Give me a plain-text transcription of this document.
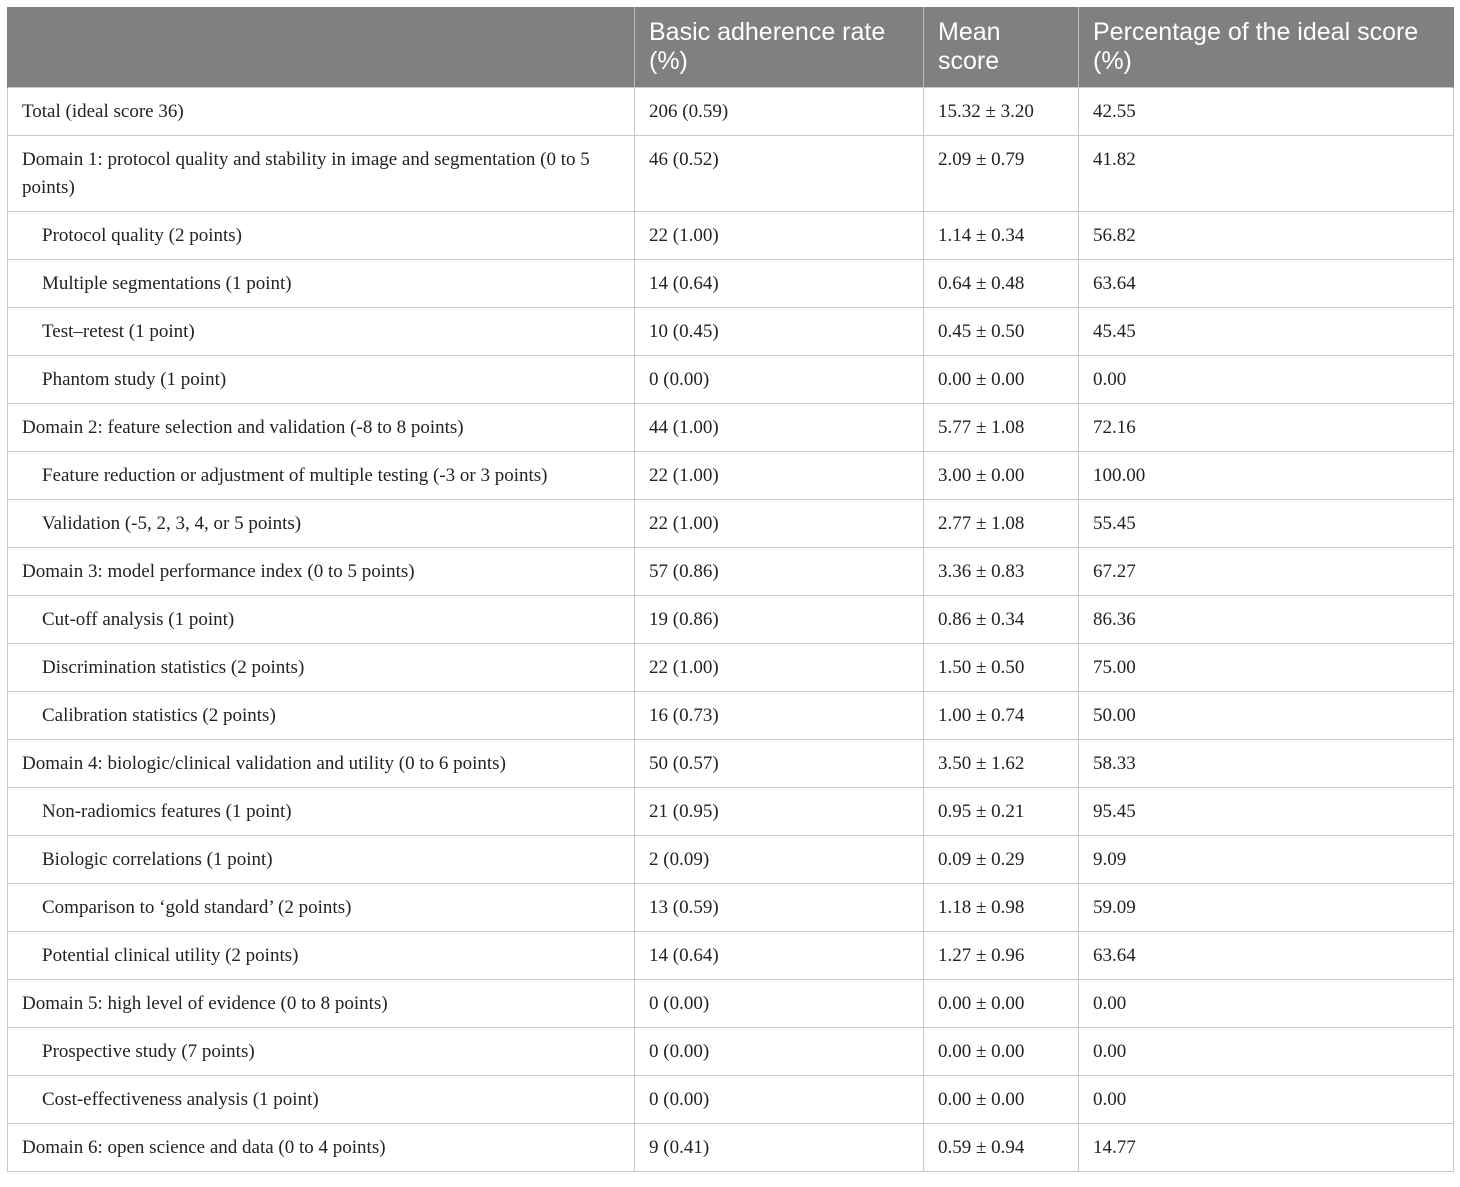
	Basic adherence rate (%)	Mean score	Percentage of the ideal score (%)
Total (ideal score 36)	206 (0.59)	15.32 ± 3.20	42.55
Domain 1: protocol quality and stability in image and segmentation (0 to 5 points)	46 (0.52)	2.09 ± 0.79	41.82
Protocol quality (2 points)	22 (1.00)	1.14 ± 0.34	56.82
Multiple segmentations (1 point)	14 (0.64)	0.64 ± 0.48	63.64
Test–retest (1 point)	10 (0.45)	0.45 ± 0.50	45.45
Phantom study (1 point)	0 (0.00)	0.00 ± 0.00	0.00
Domain 2: feature selection and validation (-8 to 8 points)	44 (1.00)	5.77 ± 1.08	72.16
Feature reduction or adjustment of multiple testing (-3 or 3 points)	22 (1.00)	3.00 ± 0.00	100.00
Validation (-5, 2, 3, 4, or 5 points)	22 (1.00)	2.77 ± 1.08	55.45
Domain 3: model performance index (0 to 5 points)	57 (0.86)	3.36 ± 0.83	67.27
Cut-off analysis (1 point)	19 (0.86)	0.86 ± 0.34	86.36
Discrimination statistics (2 points)	22 (1.00)	1.50 ± 0.50	75.00
Calibration statistics (2 points)	16 (0.73)	1.00 ± 0.74	50.00
Domain 4: biologic/clinical validation and utility (0 to 6 points)	50 (0.57)	3.50 ± 1.62	58.33
Non-radiomics features (1 point)	21 (0.95)	0.95 ± 0.21	95.45
Biologic correlations (1 point)	2 (0.09)	0.09 ± 0.29	9.09
Comparison to ‘gold standard’ (2 points)	13 (0.59)	1.18 ± 0.98	59.09
Potential clinical utility (2 points)	14 (0.64)	1.27 ± 0.96	63.64
Domain 5: high level of evidence (0 to 8 points)	0 (0.00)	0.00 ± 0.00	0.00
Prospective study (7 points)	0 (0.00)	0.00 ± 0.00	0.00
Cost-effectiveness analysis (1 point)	0 (0.00)	0.00 ± 0.00	0.00
Domain 6: open science and data (0 to 4 points)	9 (0.41)	0.59 ± 0.94	14.77
